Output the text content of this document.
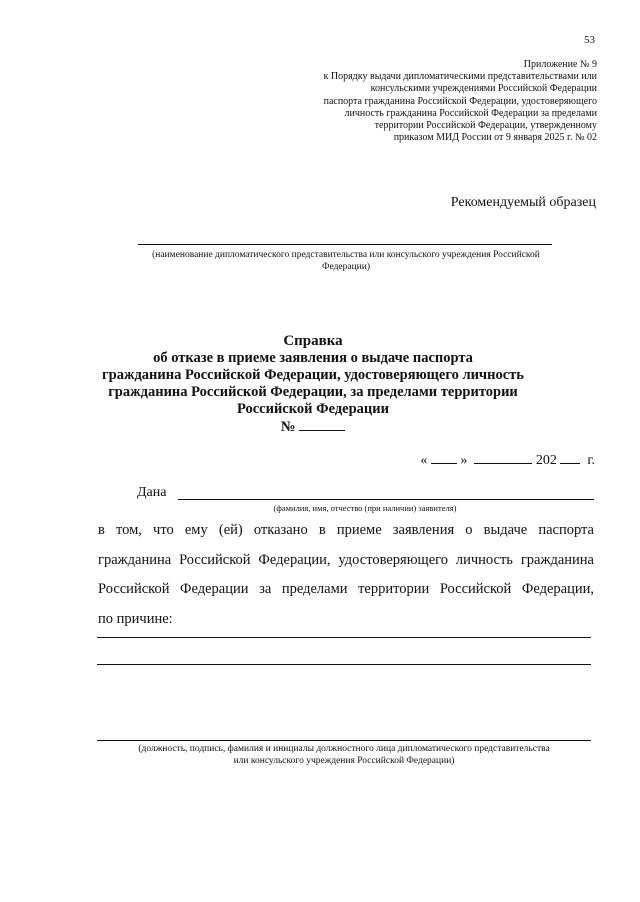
53
Приложение № 9
к Порядку выдачи дипломатическими представительствами или
консульскими учреждениями Российской Федерации
паспорта гражданина Российской Федерации, удостоверяющего
личность гражданина Российской Федерации за пределами
территории Российской Федерации, утвержденному
приказом МИД России от 9 января 2025 г. № 02
Рекомендуемый образец
(наименование дипломатического представительства или консульского учреждения Российской
Федерации)
Справка
об отказе в приеме заявления о выдаче паспорта
гражданина Российской Федерации, удостоверяющего личность
гражданина Российской Федерации, за пределами территории
Российской Федерации
№
« »	202 г.
Дана
(фамилия, имя, отчество (при наличии) заявителя)
в том, что ему (ей) отказано в приеме заявления о выдаче паспорта
гражданина Российской Федерации, удостоверяющего личность гражданина
Российской Федерации за пределами территории Российской Федерации,
по причине:
(должность, подпись, фамилия и инициалы должностного лица дипломатического представительства
или консульского учреждения Российской Федерации)
